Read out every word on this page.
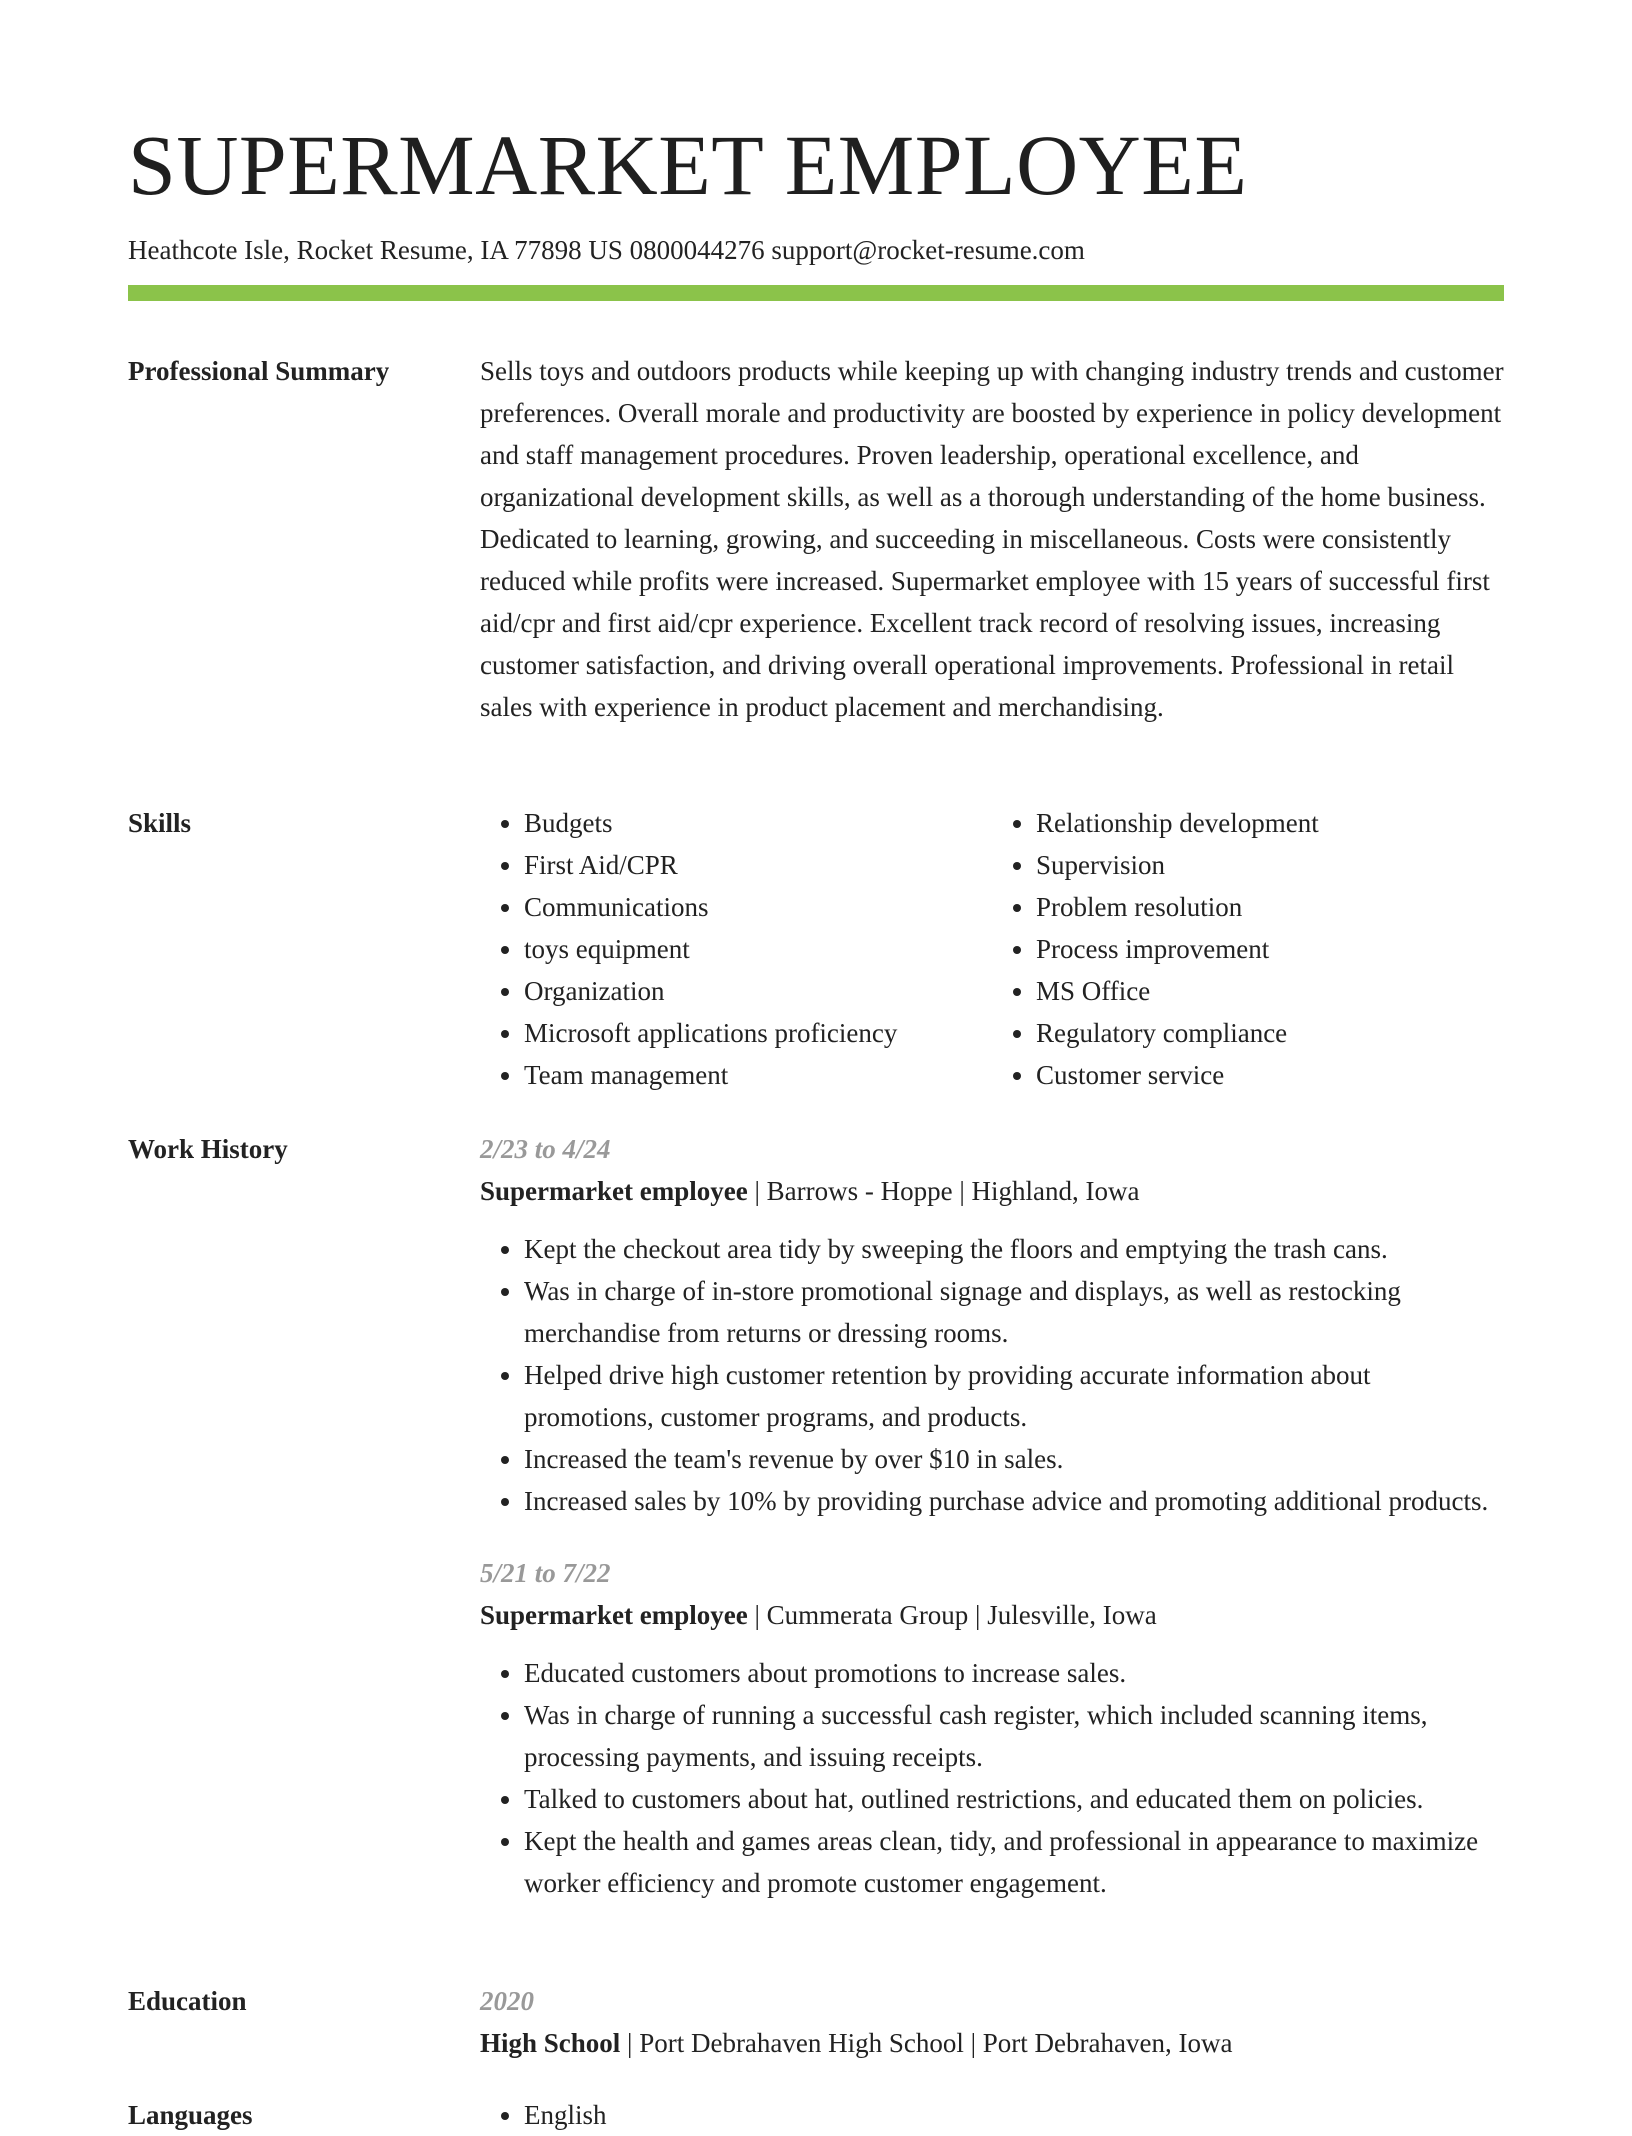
SUPERMARKET EMPLOYEE
Heathcote Isle, Rocket Resume, IA 77898 US 0800044276 support@rocket-resume.com
Professional Summary	Sells toys and outdoors products while keeping up with changing industry trends and customer preferences. Overall morale and productivity are boosted by experience in policy development and staff management procedures. Proven leadership, operational excellence, and organizational development skills, as well as a thorough understanding of the home business. Dedicated to learning, growing, and succeeding in miscellaneous. Costs were consistently reduced while profits were increased. Supermarket employee with 15 years of successful first aid/cpr and first aid/cpr experience. Excellent track record of resolving issues, increasing customer satisfaction, and driving overall operational improvements. Professional in retail sales with experience in product placement and merchandising.

Skills	• Budgets
• First Aid/CPR
• Communications
• toys equipment
• Organization
• Microsoft applications proficiency
• Team management
• Relationship development
• Supervision
• Problem resolution
• Process improvement
• MS Office
• Regulatory compliance
• Customer service
Work History	2/23 to 4/24
Supermarket employee | Barrows - Hoppe | Highland, Iowa
• Kept the checkout area tidy by sweeping the floors and emptying the trash cans.
• Was in charge of in-store promotional signage and displays, as well as restocking merchandise from returns or dressing rooms.
• Helped drive high customer retention by providing accurate information about promotions, customer programs, and products.
• Increased the team's revenue by over $10 in sales.
• Increased sales by 10% by providing purchase advice and promoting additional products.
5/21 to 7/22
Supermarket employee | Cummerata Group | Julesville, Iowa
• Educated customers about promotions to increase sales.
• Was in charge of running a successful cash register, which included scanning items, processing payments, and issuing receipts.
• Talked to customers about hat, outlined restrictions, and educated them on policies.
• Kept the health and games areas clean, tidy, and professional in appearance to maximize worker efficiency and promote customer engagement.
Education	2020
High School | Port Debrahaven High School | Port Debrahaven, Iowa
Languages	• English
